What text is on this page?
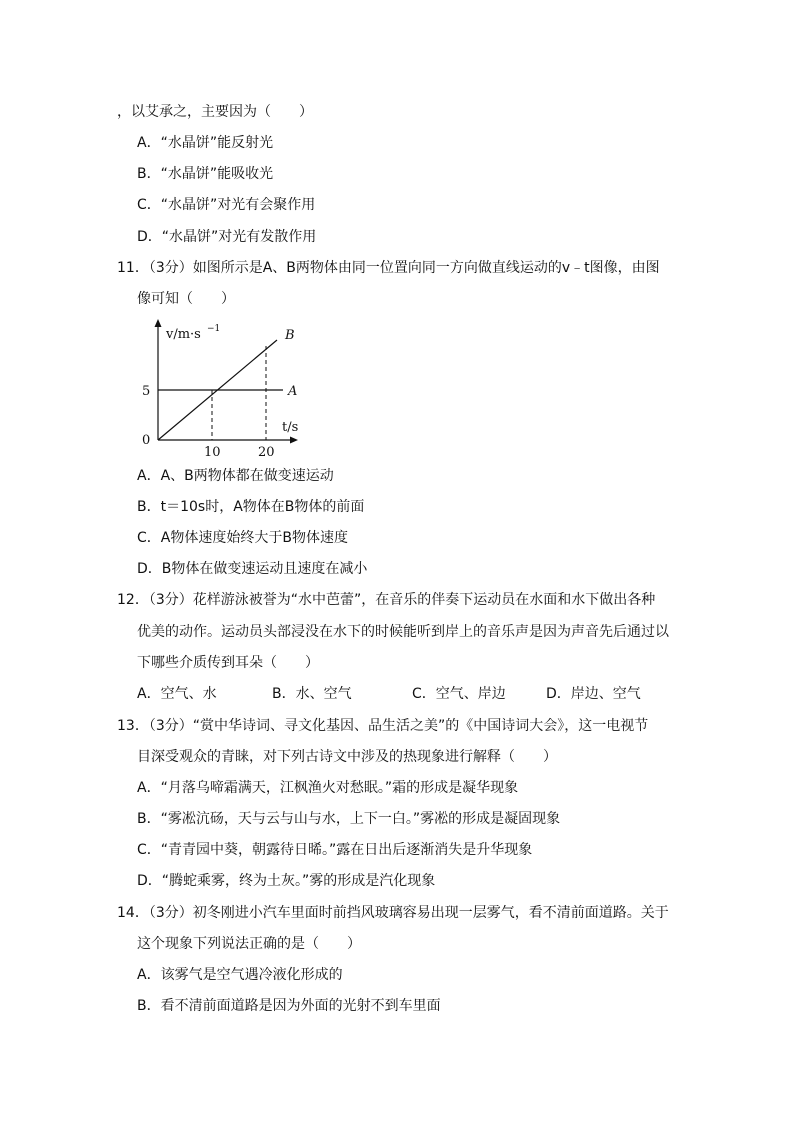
，以艾承之，主要因为（　　）
A．“水晶饼”能反射光
B．“水晶饼”能吸收光
C．“水晶饼”对光有会聚作用
D．“水晶饼”对光有发散作用
11．（3分）如图所示是A、B两物体由同一位置向同一方向做直线运动的v﹣t图像，由图
像可知（　　）
v/m·s −1
t/s
0
5
10	20
A
B
A．A、B两物体都在做变速运动
B．t＝10s时，A物体在B物体的前面
C．A物体速度始终大于B物体速度
D．B物体在做变速运动且速度在减小
12．（3分）花样游泳被誉为“水中芭蕾”，在音乐的伴奏下运动员在水面和水下做出各种
优美的动作。运动员头部浸没在水下的时候能听到岸上的音乐声是因为声音先后通过以
下哪些介质传到耳朵（　　）
A．空气、水	B．水、空气	C．空气、岸边	D．岸边、空气
13．（3分）“赏中华诗词、寻文化基因、品生活之美”的《中国诗词大会》，这一电视节
目深受观众的青睐，对下列古诗文中涉及的热现象进行解释（　　）
A．“月落乌啼霜满天，江枫渔火对愁眠。”霜的形成是凝华现象
B．“雾凇沆砀，天与云与山与水，上下一白。”雾凇的形成是凝固现象
C．“青青园中葵，朝露待日晞。”露在日出后逐渐消失是升华现象
D．“腾蛇乘雾，终为土灰。”雾的形成是汽化现象
14．（3分）初冬刚进小汽车里面时前挡风玻璃容易出现一层雾气，看不清前面道路。关于
这个现象下列说法正确的是（　　）
A．该雾气是空气遇冷液化形成的
B．看不清前面道路是因为外面的光射不到车里面
